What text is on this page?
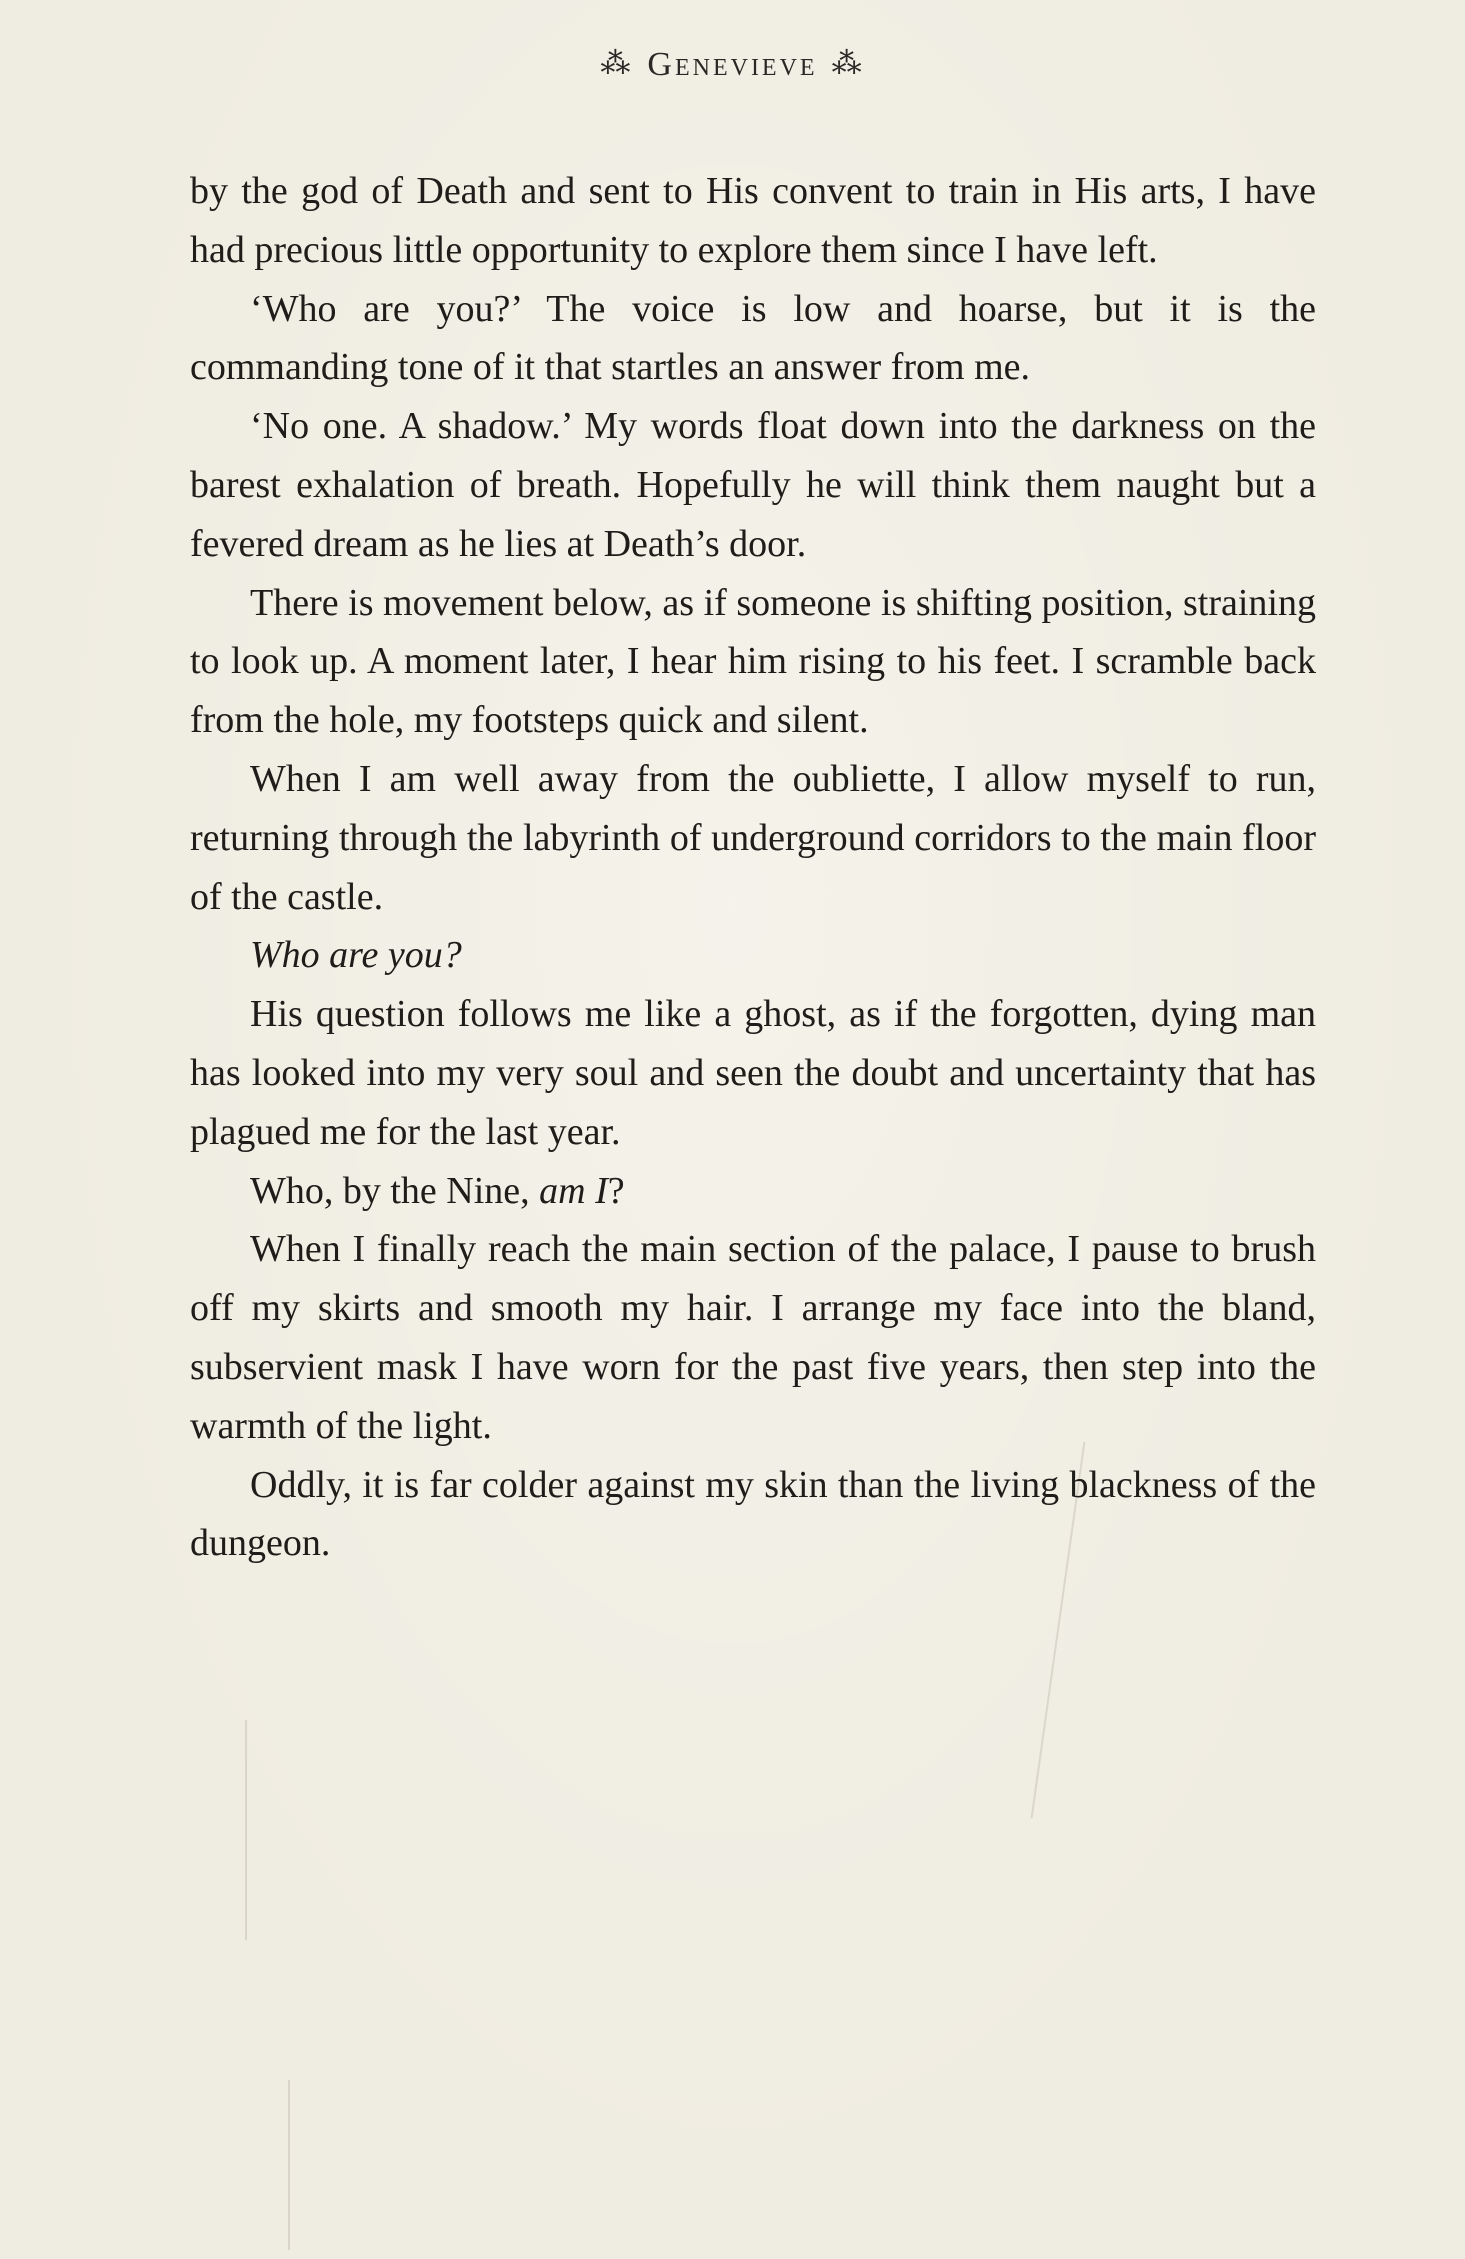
⁂ Genevieve ⁂

by the god of Death and sent to His convent to train in His arts, I have had precious little opportunity to explore them since I have left.

‘Who are you?’ The voice is low and hoarse, but it is the commanding tone of it that startles an answer from me.

‘No one. A shadow.’ My words float down into the darkness on the barest exhalation of breath. Hopefully he will think them naught but a fevered dream as he lies at Death’s door.

There is movement below, as if someone is shifting position, straining to look up. A moment later, I hear him rising to his feet. I scramble back from the hole, my footsteps quick and silent.

When I am well away from the oubliette, I allow myself to run, returning through the labyrinth of underground corridors to the main floor of the castle.

Who are you?

His question follows me like a ghost, as if the forgotten, dying man has looked into my very soul and seen the doubt and uncertainty that has plagued me for the last year.

Who, by the Nine, am I?

When I finally reach the main section of the palace, I pause to brush off my skirts and smooth my hair. I arrange my face into the bland, subservient mask I have worn for the past five years, then step into the warmth of the light.

Oddly, it is far colder against my skin than the living blackness of the dungeon.
